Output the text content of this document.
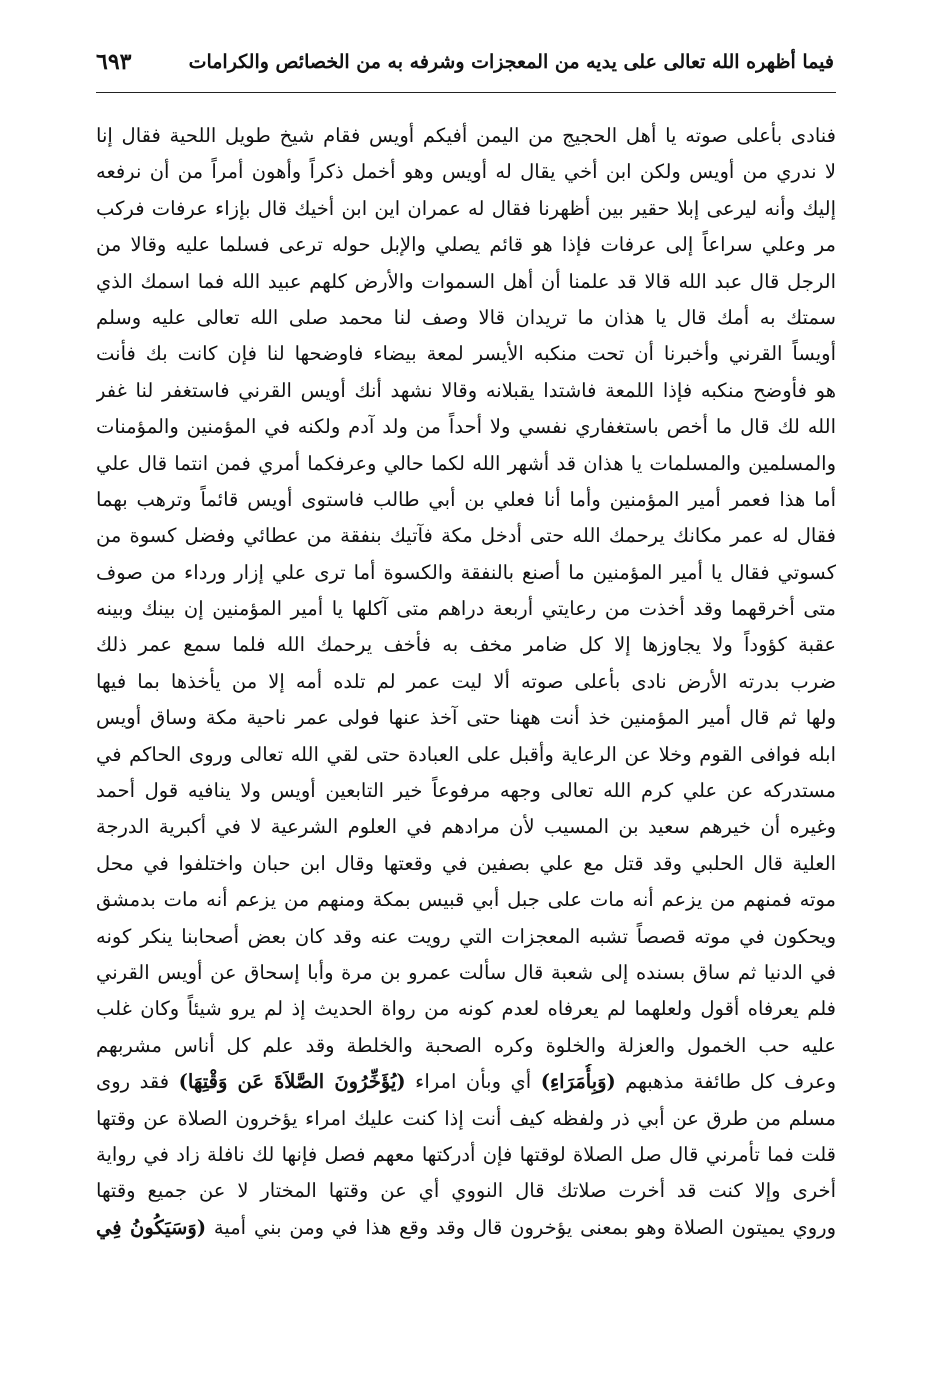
فيما أظهره الله تعالى على يديه من المعجزات وشرفه به من الخصائص والكرامات
٦٩٣
فنادى بأعلى صوته يا أهل الحجيج من اليمن أفيكم أويس فقام شيخ طويل اللحية فقال إنا
لا ندري من أويس ولكن ابن أخي يقال له أويس وهو أخمل ذكراً وأهون أمراً من أن نرفعه
إليك وأنه ليرعى إبلا حقير بين أظهرنا فقال له عمران اين ابن أخيك قال بإزاء عرفات فركب
مر وعلي سراعاً إلى عرفات فإذا هو قائم يصلي والإبل حوله ترعى فسلما عليه وقالا من
الرجل قال عبد الله قالا قد علمنا أن أهل السموات والأرض كلهم عبيد الله فما اسمك الذي
سمتك به أمك قال يا هذان ما تريدان قالا وصف لنا محمد صلى الله تعالى عليه وسلم
أويساً القرني وأخبرنا أن تحت منكبه الأيسر لمعة بيضاء فاوضحها لنا فإن كانت بك فأنت
هو فأوضح منكبه فإذا اللمعة فاشتدا يقبلانه وقالا نشهد أنك أويس القرني فاستغفر لنا غفر
الله لك قال ما أخص باستغفاري نفسي ولا أحداً من ولد آدم ولكنه في المؤمنين والمؤمنات
والمسلمين والمسلمات يا هذان قد أشهر الله لكما حالي وعرفكما أمري فمن انتما قال علي
أما هذا فعمر أمير المؤمنين وأما أنا فعلي بن أبي طالب فاستوى أويس قائماً وترهب بهما
فقال له عمر مكانك يرحمك الله حتى أدخل مكة فآتيك بنفقة من عطائي وفضل كسوة من
كسوتي فقال يا أمير المؤمنين ما أصنع بالنفقة والكسوة أما ترى علي إزار ورداء من صوف
متى أخرقهما وقد أخذت من رعايتي أربعة دراهم متى آكلها يا أمير المؤمنين إن بينك وبينه
عقبة كؤوداً ولا يجاوزها إلا كل ضامر مخف به فأخف يرحمك الله فلما سمع عمر ذلك
ضرب بدرته الأرض نادى بأعلى صوته ألا ليت عمر لم تلده أمه إلا من يأخذها بما فيها
ولها ثم قال أمير المؤمنين خذ أنت ههنا حتى آخذ عنها فولى عمر ناحية مكة وساق أويس
ابله فوافى القوم وخلا عن الرعاية وأقبل على العبادة حتى لقي الله تعالى وروى الحاكم في
مستدركه عن علي كرم الله تعالى وجهه مرفوعاً خير التابعين أويس ولا ينافيه قول أحمد
وغيره أن خيرهم سعيد بن المسيب لأن مرادهم في العلوم الشرعية لا في أكبرية الدرجة
العلية قال الحلبي وقد قتل مع علي بصفين في وقعتها وقال ابن حبان واختلفوا في محل
موته فمنهم من يزعم أنه مات على جبل أبي قبيس بمكة ومنهم من يزعم أنه مات بدمشق
ويحكون في موته قصصاً تشبه المعجزات التي رويت عنه وقد كان بعض أصحابنا ينكر كونه
في الدنيا ثم ساق بسنده إلى شعبة قال سألت عمرو بن مرة وأبا إسحاق عن أويس القرني
فلم يعرفاه أقول ولعلهما لم يعرفاه لعدم كونه من رواة الحديث إذ لم يرو شيئاً وكان غلب
عليه حب الخمول والعزلة والخلوة وكره الصحبة والخلطة وقد علم كل أناس مشربهم
وعرف كل طائفة مذهبهم (وَبِأُمَرَاءِ) أي وبأن امراء (يُؤَخِّرُونَ الصَّلاَةَ عَن وَقْتِهَا) فقد روى
مسلم من طرق عن أبي ذر ولفظه كيف أنت إذا كنت عليك امراء يؤخرون الصلاة عن وقتها
قلت فما تأمرني قال صل الصلاة لوقتها فإن أدركتها معهم فصل فإنها لك نافلة زاد في رواية
أخرى وإلا كنت قد أخرت صلاتك قال النووي أي عن وقتها المختار لا عن جميع وقتها
وروي يميتون الصلاة وهو بمعنى يؤخرون قال وقد وقع هذا في ومن بني أمية (وَسَيَكُونُ فِي
